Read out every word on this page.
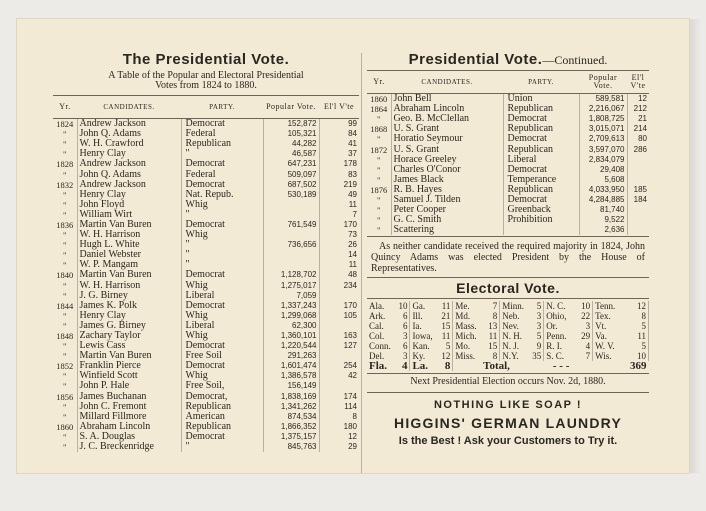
The Presidential Vote.
A Table of the Popular and Electoral Presidential
Votes from 1824 to 1880.
Yr.	CANDIDATES.	PARTY.	Popular Vote.	El'l V'te
1824	Andrew Jackson	Democrat	152,872	99
"	John Q. Adams	Federal	105,321	84
"	W. H. Crawford	Republican	44,282	41
"	Henry Clay	"	46,587	37
1828	Andrew Jackson	Democrat	647,231	178
"	John Q. Adams	Federal	509,097	83
1832	Andrew Jackson	Democrat	687,502	219
"	Henry Clay	Nat. Repub.	530,189	49
"	John Floyd	Whig		11
"	William Wirt	"		7
1836	Martin Van Buren	Democrat	761,549	170
"	W. H. Harrison	Whig		73
"	Hugh L. White	"	736,656	26
"	Daniel Webster	"		14
"	W. P. Mangam	"		11
1840	Martin Van Buren	Democrat	1,128,702	48
"	W. H. Harrison	Whig	1,275,017	234
"	J. G. Birney	Liberal	7,059	
1844	James K. Polk	Democrat	1,337,243	170
"	Henry Clay	Whig	1,299,068	105
"	James G. Birney	Liberal	62,300	
1848	Zachary Taylor	Whig	1,360,101	163
"	Lewis Cass	Democrat	1,220,544	127
"	Martin Van Buren	Free Soil	291,263	
1852	Franklin Pierce	Democrat	1,601,474	254
"	Winfield Scott	Whig	1,386,578	42
"	John P. Hale	Free Soil,	156,149	
1856	James Buchanan	Democrat,	1,838,169	174
"	John C. Fremont	Republican	1,341,262	114
"	Millard Fillmore	American	874,534	8
1860	Abraham Lincoln	Republican	1,866,352	180
"	S. A. Douglas	Democrat	1,375,157	12
"	J. C. Breckenridge	"	845,763	29
Presidential Vote.—Continued.
Yr.	CANDIDATES.	PARTY.	Popular Vote.	El'l V'te
1860	John Bell	Union	589,581	12
1864	Abraham Lincoln	Republican	2,216,067	212
"	Geo. B. McClellan	Democrat	1,808,725	21
1868	U. S. Grant	Republican	3,015,071	214
"	Horatio Seymour	Democrat	2,709,613	80
1872	U. S. Grant	Republican	3,597,070	286
"	Horace Greeley	Liberal	2,834,079	
"	Charles O'Conor	Democrat	29,408	
"	James Black	Temperance	5,608	
1876	R. B. Hayes	Republican	4,033,950	185
"	Samuel J. Tilden	Democrat	4,284,885	184
"	Peter Cooper	Greenback	81,740	
"	G. C. Smith	Prohibition	9,522	
"	Scattering		2,636	
As neither candidate received the required majority in 1824, John Quincy Adams was elected President by the House of Representatives.
Electoral Vote.
Ala.	10	Ga.	11	Me.	7	Minn.	5	N. C.	10	Tenn.	12
Ark.	6	Ill.	21	Md.	8	Neb.	3	Ohio,	22	Tex.	8
Cal.	6	Ia.	15	Mass.	13	Nev.	3	Or.	3	Vt.	5
Col.	3	Iowa,	11	Mich.	11	N. H.	5	Penn.	29	Va.	11
Conn.	6	Kan.	5	Mo.	15	N. J.	9	R. I.	4	W. V.	5
Del.	3	Ky.	12	Miss.	8	N.Y.	35	S. C.	7	Wis.	10
Fla.	4	La.	8	Total,			- - -			369	
Next Presidential Election occurs Nov. 2d, 1880.
NOTHING LIKE SOAP !
HIGGINS' GERMAN LAUNDRY
Is the Best ! Ask your Customers to Try it.
